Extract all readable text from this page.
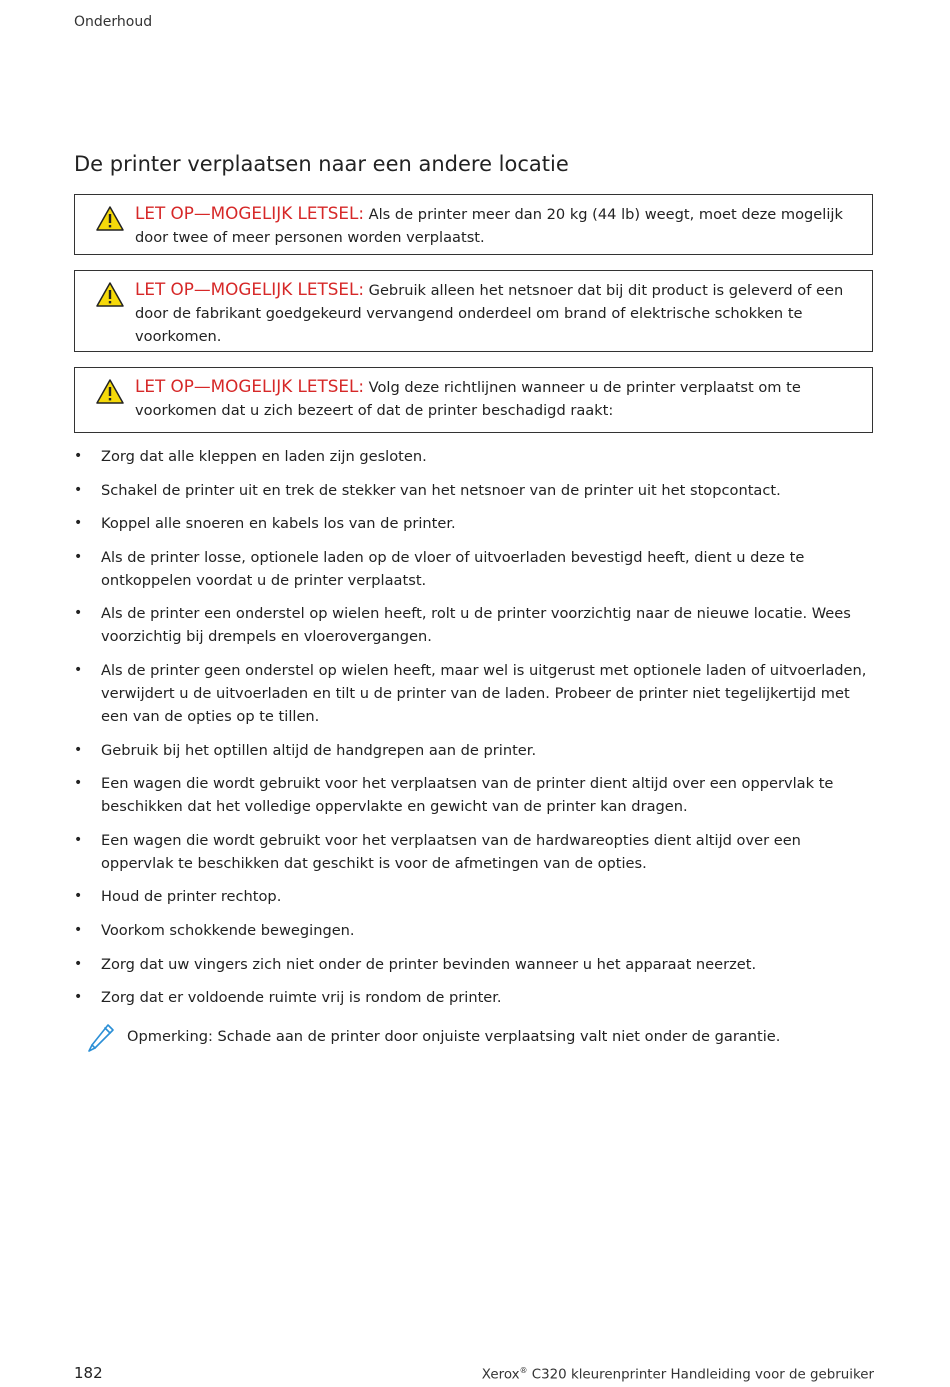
Onderhoud
De printer verplaatsen naar een andere locatie
LET OP—MOGELIJK LETSEL: Als de printer meer dan 20 kg (44 lb) weegt, moet deze mogelijk door twee of meer personen worden verplaatst.
LET OP—MOGELIJK LETSEL: Gebruik alleen het netsnoer dat bij dit product is geleverd of een door de fabrikant goedgekeurd vervangend onderdeel om brand of elektrische schokken te voorkomen.
LET OP—MOGELIJK LETSEL: Volg deze richtlijnen wanneer u de printer verplaatst om te voorkomen dat u zich bezeert of dat de printer beschadigd raakt:
• Zorg dat alle kleppen en laden zijn gesloten.
• Schakel de printer uit en trek de stekker van het netsnoer van de printer uit het stopcontact.
• Koppel alle snoeren en kabels los van de printer.
• Als de printer losse, optionele laden op de vloer of uitvoerladen bevestigd heeft, dient u deze te ontkoppelen voordat u de printer verplaatst.
• Als de printer een onderstel op wielen heeft, rolt u de printer voorzichtig naar de nieuwe locatie. Wees voorzichtig bij drempels en vloerovergangen.
• Als de printer geen onderstel op wielen heeft, maar wel is uitgerust met optionele laden of uitvoerladen, verwijdert u de uitvoerladen en tilt u de printer van de laden. Probeer de printer niet tegelijkertijd met een van de opties op te tillen.
• Gebruik bij het optillen altijd de handgrepen aan de printer.
• Een wagen die wordt gebruikt voor het verplaatsen van de printer dient altijd over een oppervlak te beschikken dat het volledige oppervlakte en gewicht van de printer kan dragen.
• Een wagen die wordt gebruikt voor het verplaatsen van de hardwareopties dient altijd over een oppervlak te beschikken dat geschikt is voor de afmetingen van de opties.
• Houd de printer rechtop.
• Voorkom schokkende bewegingen.
• Zorg dat uw vingers zich niet onder de printer bevinden wanneer u het apparaat neerzet.
• Zorg dat er voldoende ruimte vrij is rondom de printer.
Opmerking: Schade aan de printer door onjuiste verplaatsing valt niet onder de garantie.
182	Xerox® C320 kleurenprinter Handleiding voor de gebruiker
